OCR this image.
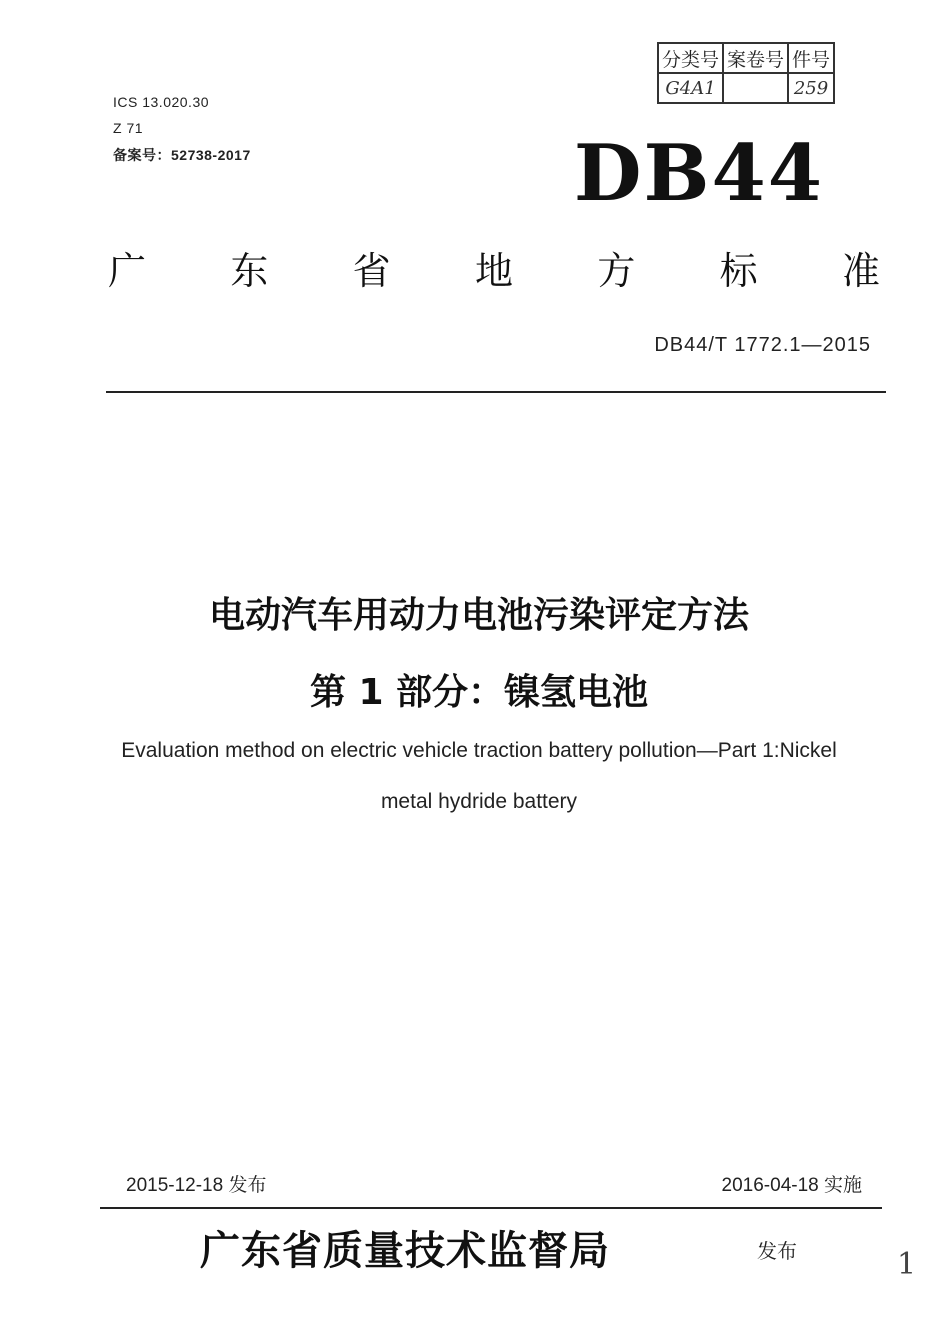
ICS 13.020.30
Z 71
备案号：52738-2017
分类号	案卷号	件号
G4A1		259
DB44
广 东 省 地 方 标 准
DB44/T 1772.1—2015
电动汽车用动力电池污染评定方法
第 1 部分：镍氢电池
Evaluation method on electric vehicle traction battery pollution—Part 1:Nickel
metal hydride battery
2015-12-18 发布	2016-04-18 实施
广东省质量技术监督局	发布	1
